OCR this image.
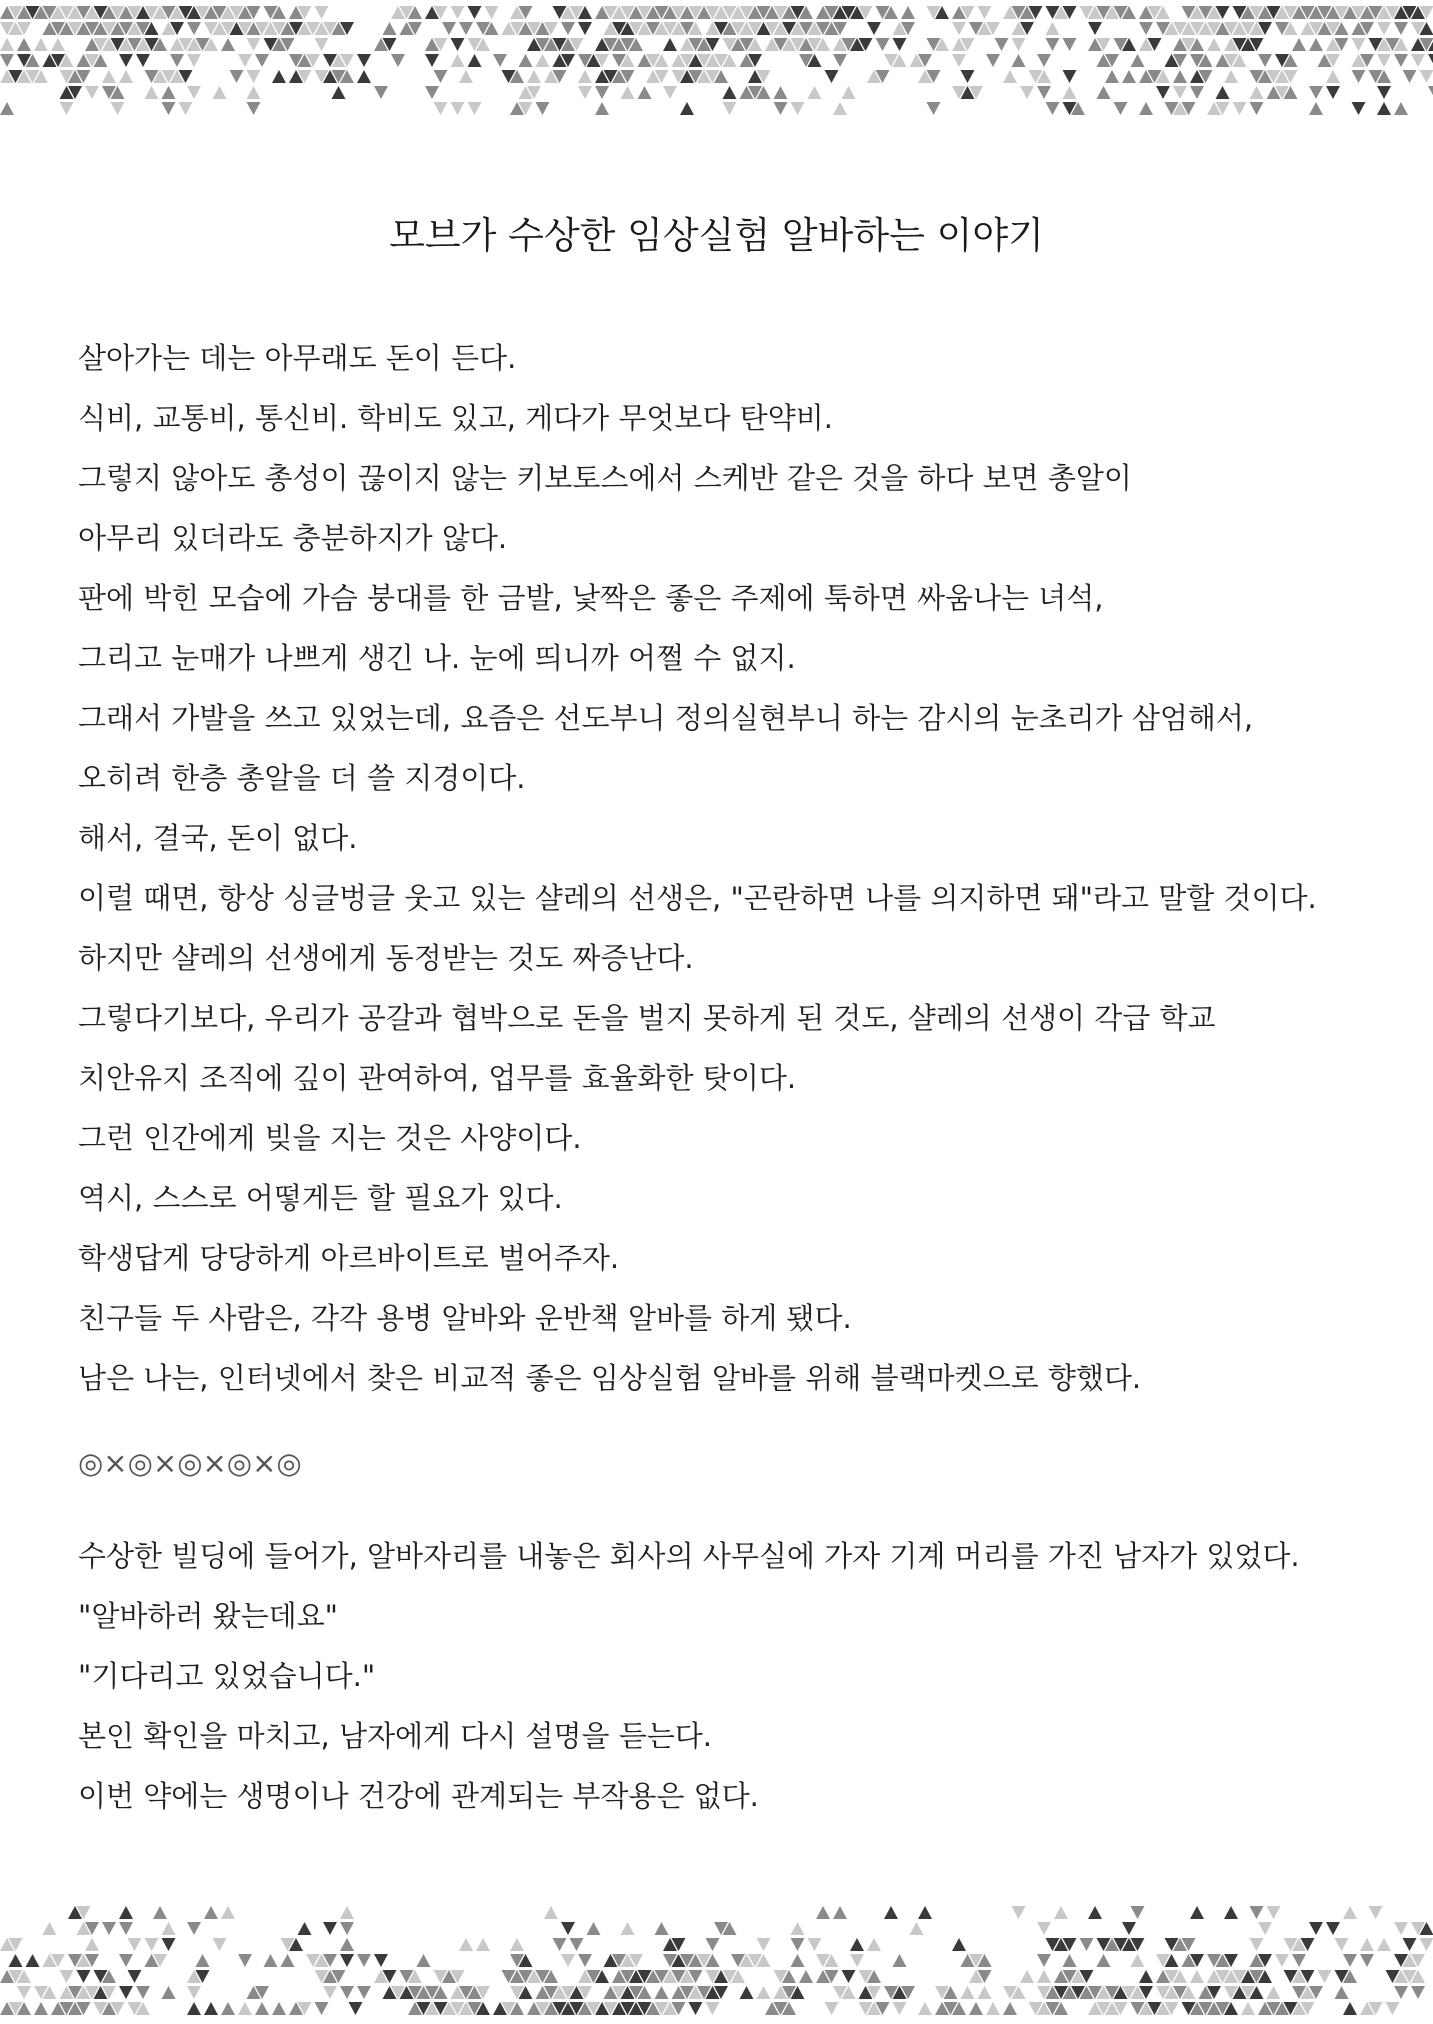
모브가 수상한 임상실험 알바하는 이야기
살아가는 데는 아무래도 돈이 든다.
식비, 교통비, 통신비. 학비도 있고, 게다가 무엇보다 탄약비.
그렇지 않아도 총성이 끊이지 않는 키보토스에서 스케반 같은 것을 하다 보면 총알이
아무리 있더라도 충분하지가 않다.
판에 박힌 모습에 가슴 붕대를 한 금발, 낯짝은 좋은 주제에 툭하면 싸움나는 녀석,
그리고 눈매가 나쁘게 생긴 나. 눈에 띄니까 어쩔 수 없지.
그래서 가발을 쓰고 있었는데, 요즘은 선도부니 정의실현부니 하는 감시의 눈초리가 삼엄해서,
오히려 한층 총알을 더 쓸 지경이다.
해서, 결국, 돈이 없다.
이럴 때면, 항상 싱글벙글 웃고 있는 샬레의 선생은, "곤란하면 나를 의지하면 돼"라고 말할 것이다.
하지만 샬레의 선생에게 동정받는 것도 짜증난다.
그렇다기보다, 우리가 공갈과 협박으로 돈을 벌지 못하게 된 것도, 샬레의 선생이 각급 학교
치안유지 조직에 깊이 관여하여, 업무를 효율화한 탓이다.
그런 인간에게 빚을 지는 것은 사양이다.
역시, 스스로 어떻게든 할 필요가 있다.
학생답게 당당하게 아르바이트로 벌어주자.
친구들 두 사람은, 각각 용병 알바와 운반책 알바를 하게 됐다.
남은 나는, 인터넷에서 찾은 비교적 좋은 임상실험 알바를 위해 블랙마켓으로 향했다.

◎×◎×◎×◎×◎

수상한 빌딩에 들어가, 알바자리를 내놓은 회사의 사무실에 가자 기계 머리를 가진 남자가 있었다.
"알바하러 왔는데요"
"기다리고 있었습니다."
본인 확인을 마치고, 남자에게 다시 설명을 듣는다.
이번 약에는 생명이나 건강에 관계되는 부작용은 없다.
